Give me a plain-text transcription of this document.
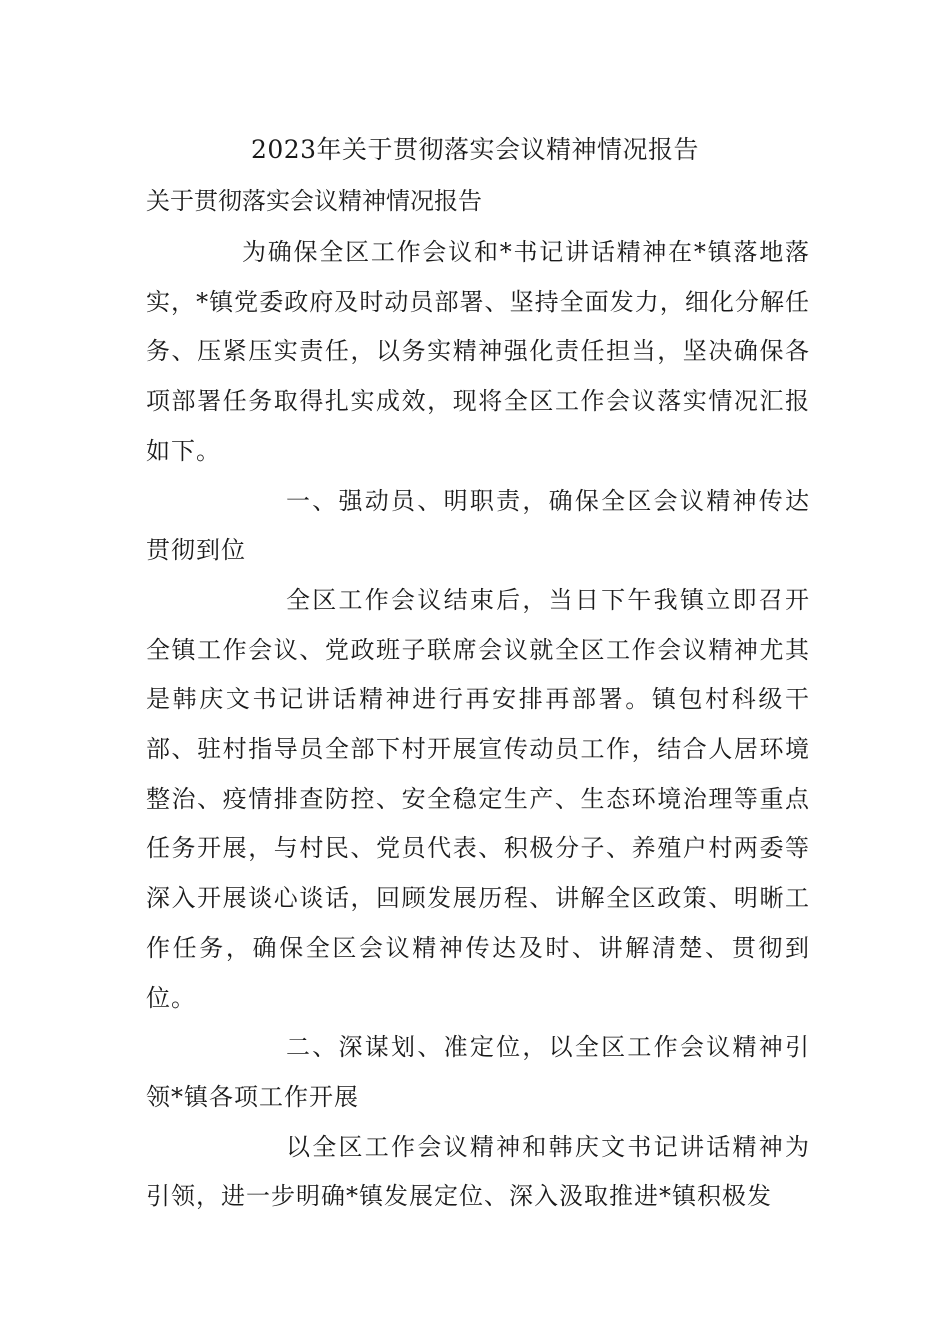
2023年关于贯彻落实会议精神情况报告
关于贯彻落实会议精神情况报告

为确保全区工作会议和*书记讲话精神在*镇落地落实，*镇党委政府及时动员部署、坚持全面发力，细化分解任务、压紧压实责任，以务实精神强化责任担当，坚决确保各项部署任务取得扎实成效，现将全区工作会议落实情况汇报如下。

一、强动员、明职责，确保全区会议精神传达贯彻到位

全区工作会议结束后，当日下午我镇立即召开全镇工作会议、党政班子联席会议就全区工作会议精神尤其是韩庆文书记讲话精神进行再安排再部署。镇包村科级干部、驻村指导员全部下村开展宣传动员工作，结合人居环境整治、疫情排查防控、安全稳定生产、生态环境治理等重点任务开展，与村民、党员代表、积极分子、养殖户村两委等深入开展谈心谈话，回顾发展历程、讲解全区政策、明晰工作任务，确保全区会议精神传达及时、讲解清楚、贯彻到位。

二、深谋划、准定位，以全区工作会议精神引领*镇各项工作开展

以全区工作会议精神和韩庆文书记讲话精神为引领，进一步明确*镇发展定位、深入汲取推进*镇积极发
